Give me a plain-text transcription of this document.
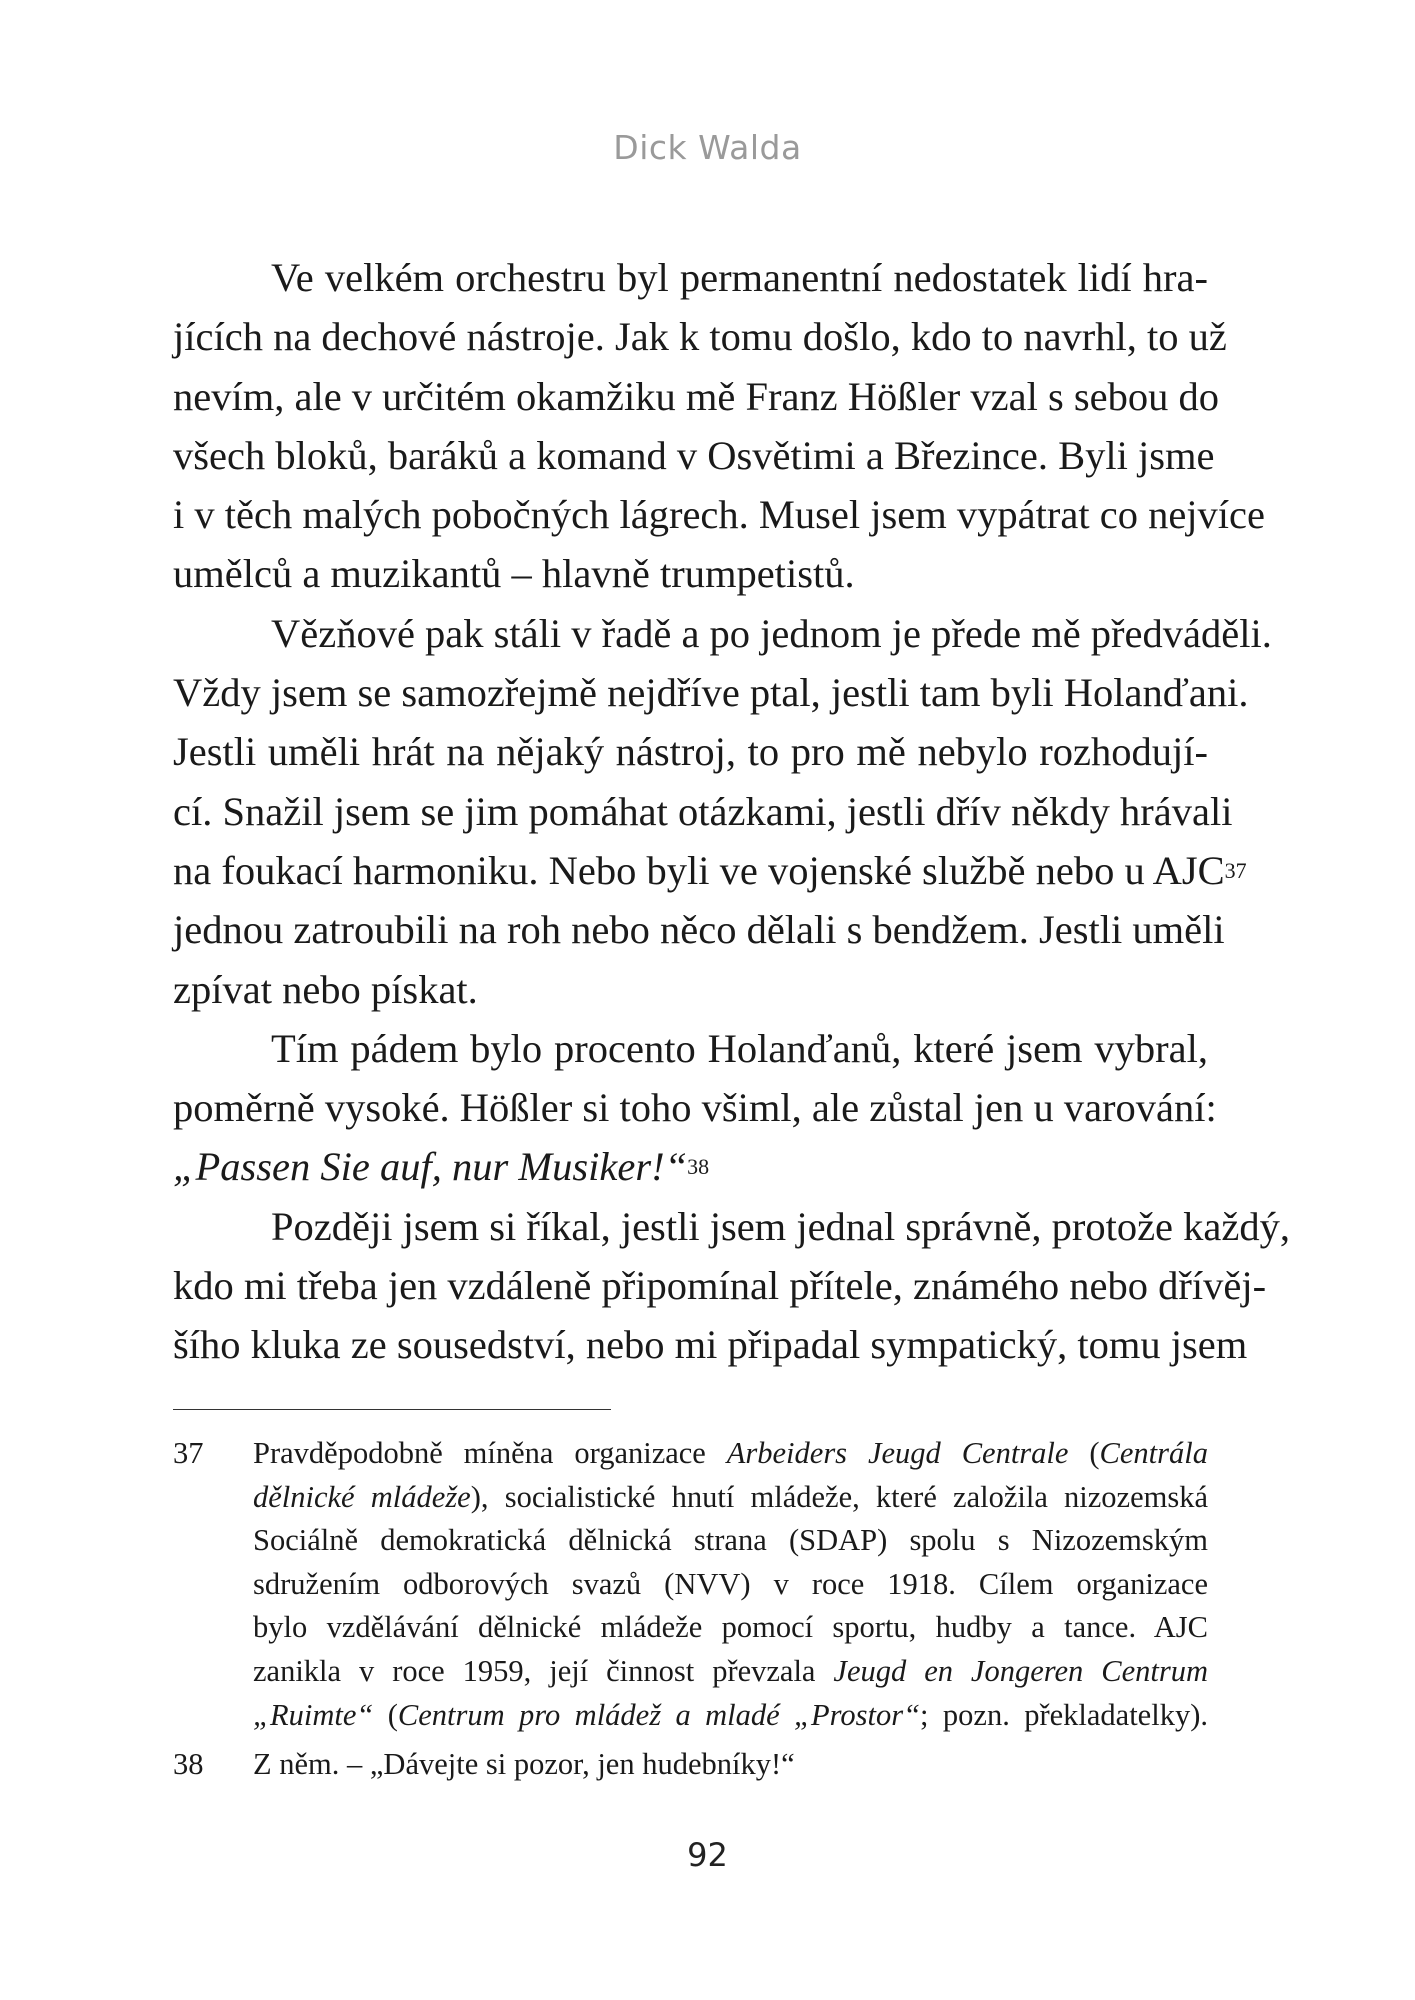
Dick Walda
Ve velkém orchestru byl permanentní nedostatek lidí hra-
jících na dechové nástroje. Jak k tomu došlo, kdo to navrhl, to už
nevím, ale v určitém okamžiku mě Franz Hößler vzal s sebou do
všech bloků, baráků a komand v Osvětimi a Březince. Byli jsme
i v těch malých pobočných lágrech. Musel jsem vypátrat co nejvíce
umělců a muzikantů – hlavně trumpetistů.
Vězňové pak stáli v řadě a po jednom je přede mě předváděli.
Vždy jsem se samozřejmě nejdříve ptal, jestli tam byli Holanďani.
Jestli uměli hrát na nějaký nástroj, to pro mě nebylo rozhodují-
cí. Snažil jsem se jim pomáhat otázkami, jestli dřív někdy hrávali
na foukací harmoniku. Nebo byli ve vojenské službě nebo u AJC$^{37}$
jednou zatroubili na roh nebo něco dělali s bendžem. Jestli uměli
zpívat nebo pískat.
Tím pádem bylo procento Holanďanů, které jsem vybral,
poměrně vysoké. Hößler si toho všiml, ale zůstal jen u varování:
„Passen Sie auf, nur Musiker!“$^{38}$
Později jsem si říkal, jestli jsem jednal správně, protože každý,
kdo mi třeba jen vzdáleně připomínal přítele, známého nebo dřívěj-
šího kluka ze sousedství, nebo mi připadal sympatický, tomu jsem
37 Pravděpodobně míněna organizace Arbeiders Jeugd Centrale (Centrála
dělnické mládeže), socialistické hnutí mládeže, které založila nizozemská
Sociálně demokratická dělnická strana (SDAP) spolu s Nizozemským
sdružením odborových svazů (NVV) v roce 1918. Cílem organizace
bylo vzdělávání dělnické mládeže pomocí sportu, hudby a tance. AJC
zanikla v roce 1959, její činnost převzala Jeugd en Jongeren Centrum
„Ruimte“ (Centrum pro mládež a mladé „Prostor“; pozn. překladatelky).
38 Z něm. – „Dávejte si pozor, jen hudebníky!“
92
